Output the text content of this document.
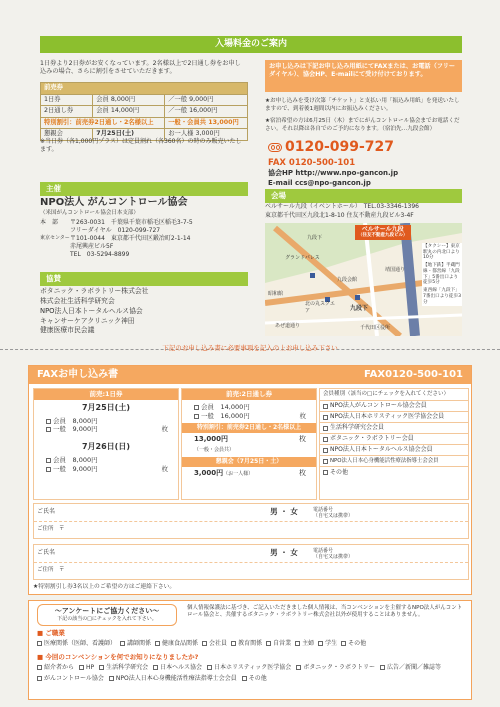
入場料金のご案内
1日券より2日券がお安くなっています。2名様以上で2日通し券をお申し込みの場合、さらに割引をさせていただきます。
前売券		
1日券	会員 8,000円	／一般 9,000円
2日通し券	会員 14,000円	／一般 16,000円
特別割引：前売券2日通し・2名様以上		一般・会員共 13,000円
懇親会	7月25日(土)	お一人様 3,000円
※当日券（各1,000円プラス）は定員割れ（各360名）の時のみ販売いたします。
お申し込みは下記お申し込み用紙にてFAXまたは、お電話（フリーダイヤル）、協会HP、E-mailにて受け付けております。
★お申し込みを受け次第「チケット」と支払い用「振込み用紙」を発送いたしますので、到着後1週間以内にお振込みください。
★宿泊希望の方は6月25日（木）までにがんコントロール協会までお電話ください。それ以降は各自でのご予約になります。（宿泊先…九段会館）
0120-099-727
FAX 0120-500-101
協会HP http://www.npo-gancon.jp
E-mail ccs@npo-gancon.jp
主催
NPO法人 がんコントロール協会
（米国がんコントロール協会日本支部）
本　部	〒263-0031　千葉県千葉市稲毛区稲毛3-7-5
フリーダイヤル　0120-099-727
東京センター 〒101-0044　東京都千代田区鍛冶町2-1-14
赤尾興産ビル5F
TEL　03-5294-8899
協賛
ボタニック・ラボラトリー株式会社
株式会社生活科学研究会
NPO法人日本トータルヘルス協会
キャンサーケアクリニック神田
健康医療市民会議
会場
ベルサール九段（イベントホール）　TEL.03-3346-1396
東京都千代田区九段北1-8-10 住友不動産九段ビル3-4F
ベルサール九段
（住友不動産九段ビル）
九段下
グランドパレス
靖国通り
九段会館
北の丸スクエア
あぜ道通り
昭和館
九段下
千代田区役所
【タクシー】東京駅丸の内北口より10分
【地下鉄】半蔵門線・都営線「九段下」5番出口より徒歩5分
東西線「九段下」7番出口より徒歩3分
下記のお申し込み書に必要事項を記入の上お申し込み下さい
FAXお申し込み書	FAX0120-500-101
前売:1日券
7月25日(土)
会員　 8,000円
一般　 9,000円	枚
7月26日(日)
会員　 8,000円
一般　 9,000円	枚
前売:2日通し券
会員　 14,000円
一般　 16,000円	枚
特別割引：前売券2日通し・2名様以上
13,000円
（一般・会員共）
枚
懇親会（7月25日・土）
3,000円（お一人様）	枚
会員種別（該当の□にチェックを入れてください）
NPO法人がんコントロール協会会員
NPO法人日本ホリスティック医学協会会員
生活科学研究会会員
ボタニック・ラボラトリー会員
NPO法人日本トータルヘルス協会会員
NPO法人日本心身機能活性療法指導士会会員
その他
ご氏名	男 ・ 女	電話番号
（自宅又は携帯）
ご住所　〒
ご氏名	男 ・ 女	電話番号
（自宅又は携帯）
ご住所　〒
★特別割引し券3名以上のご希望の方はご連絡下さい。
〜アンケートにご協力ください〜
下記の該当の□にチェックを入れて下さい。
個人情報保護法に基づき、ご記入いただきました個人情報は、当コンベンションを主催するNPO法人がんコントロール協会と、共催するボタニック・ラボラトリー株式会社以外が使用することはありません。
■ ご職業
医療関係（医師、看護師）	講師関係	健康食品関係	会社員	教育関係	自営業	主婦	学生	その他
■ 今回のコンベンションを何でお知りになりましたか?
紹介者から	HP	生活科学研究会	日本ヘルス協会	日本ホリスティック医学協会	ボタニック・ラボラトリー	広告／新聞／雑誌等
がんコントロール協会	NPO法人日本心身機能活性療法指導士会会員	その他
